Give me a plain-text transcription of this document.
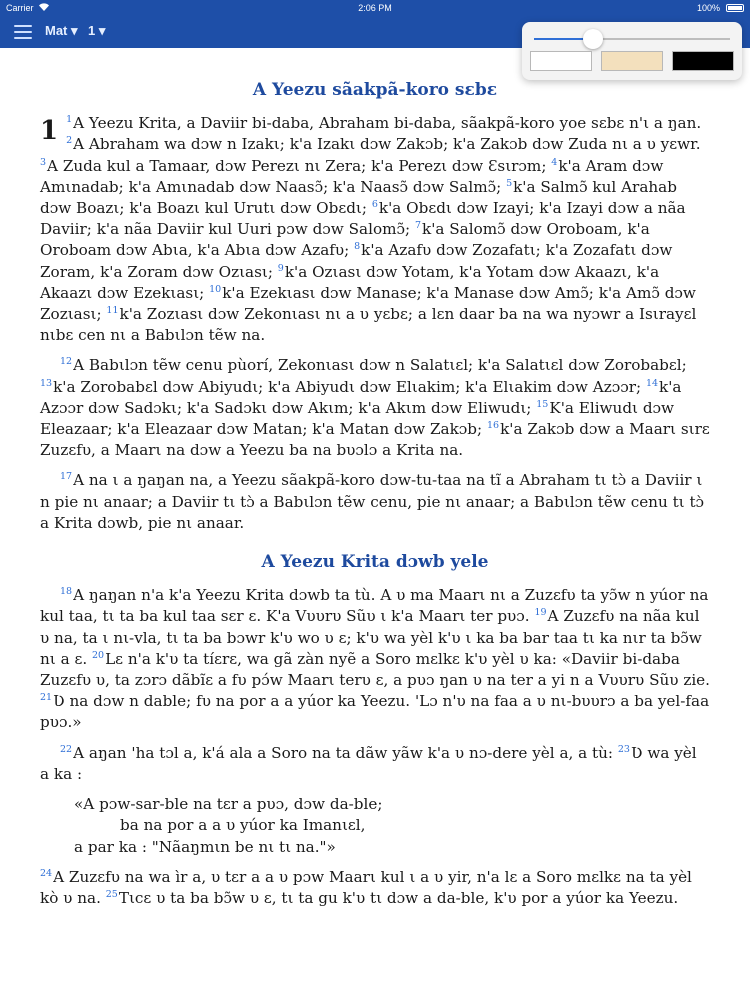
Carrier	2:06 PM	100%
Mat ▾ 1 ▾
A Yeezu sãakpã-koro sɛbɛ

1 $^1$A Yeezu Krita, a Daviir bi-daba, Abraham bi-daba, sãakpã-koro yoe sɛbɛ n'ι a ŋan. $^2$A Abraham wa dɔw n Izakι; k'a Izakι dɔw Zakɔb; k'a Zakɔb dɔw Zuda nι a υ yɛwr. $^3$A Zuda kul a Tamaar, dɔw Perezι nι Zera; k'a Perezι dɔw Ɛsιrɔm; $^4$k'a Aram dɔw Amιnadab; k'a Amιnadab dɔw Naasɔ̃; k'a Naasɔ̃ dɔw Salmɔ̃; $^5$k'a Salmɔ̃ kul Arahab dɔw Boazι; k'a Boazι kul Urutι dɔw Obɛdι; $^6$k'a Obɛdι dɔw Izayi; k'a Izayi dɔw a nãa Daviir; k'a nãa Daviir kul Uuri pɔw dɔw Salomɔ̃; $^7$k'a Salomɔ̃ dɔw Oroboam, k'a Oroboam dɔw Abιa, k'a Abιa dɔw Azafυ; $^8$k'a Azafυ dɔw Zozafatι; k'a Zozafatι dɔw Zoram, k'a Zoram dɔw Ozιasι; $^9$k'a Ozιasι dɔw Yotam, k'a Yotam dɔw Akaazι, k'a Akaazι dɔw Ezekιasι; $^{10}$k'a Ezekιasι dɔw Manase; k'a Manase dɔw Amɔ̃; k'a Amɔ̃ dɔw Zozιasι; $^{11}$k'a Zozιasι dɔw Zekonιasι nι a υ yɛbɛ; a lɛn daar ba na wa nyɔwr a Ιsιrayɛl nιbɛ cen nι a Babιlɔn tẽw na.

$^{12}$A Babιlɔn tẽw cenu pùorí, Zekonιasι dɔw n Salatιɛl; k'a Salatιɛl dɔw Zorobabɛl; $^{13}$k'a Zorobabɛl dɔw Abiyudι; k'a Abiyudι dɔw Elιakim; k'a Elιakim dɔw Azɔɔr; $^{14}$k'a Azɔɔr dɔw Sadɔkι; k'a Sadɔkι dɔw Akιm; k'a Akιm dɔw Eliwudι; $^{15}$K'a Eliwudι dɔw Eleazaar; k'a Eleazaar dɔw Matan; k'a Matan dɔw Zakɔb; $^{16}$k'a Zakɔb dɔw a Maarι sιrɛ Zuzɛfυ, a Maarι na dɔw a Yeezu ba na bυɔlɔ a Krita na.

$^{17}$A na ι a ŋaŋan na, a Yeezu sãakpã-koro dɔw-tu-taa na tĩ a Abraham tι tɔ̀ a Daviir ι n pie nι anaar; a Daviir tι tɔ̀ a Babιlɔn tẽw cenu, pie nι anaar; a Babιlɔn tẽw cenu tι tɔ̀ a Krita dɔwb, pie nι anaar.

A Yeezu Krita dɔwb yele

$^{18}$A ŋaŋan n'a k'a Yeezu Krita dɔwb ta tù. A υ ma Maarι nι a Zuzɛfυ ta yɔ̃w n yúor na kul taa, tι ta ba kul taa sɛr ɛ. K'a Vυυrυ Sũυ ι k'a Maarι ter pυɔ. $^{19}$A Zuzɛfυ na nãa kul υ na, ta ι nι-vla, tι ta ba bɔwr k'υ wo υ ɛ; k'υ wa yèl k'υ ι ka ba bar taa tι ka nιr ta bɔ̃w nι a ɛ. $^{20}$Lɛ n'a k'υ ta tíɛrɛ, wa gã zàn nyẽ a Soro mɛlkɛ k'υ yèl υ ka: «Daviir bi-daba Zuzɛfυ υ, ta zɔrɔ dãbĩɛ a fυ pɔ́w Maarι terυ ɛ, a pυɔ ŋan υ na ter a yi n a Vυυrυ Sũυ zie. $^{21}$Ʋ na dɔw n dable; fυ na por a a yúor ka Yeezu. 'Lɔ n'υ na faa a υ nι-bυυrɔ a ba yel-faa pυɔ.»

$^{22}$A aŋan 'ha tɔl a, k'á ala a Soro na ta dãw yãw k'a υ nɔ-dere yèl a, a tù: $^{23}$Ʋ wa yèl a ka :

«A pɔw-sar-ble na tɛr a pυɔ, dɔw da-ble;
ba na por a a υ yúor ka Ιmanιɛl,
a par ka : "Nãaŋmιn be nι tι na."»

$^{24}$A Zuzɛfυ na wa ìr a, υ tɛr a a υ pɔw Maarι kul ι a υ yir, n'a lɛ a Soro mɛlkɛ na ta yèl kò υ na. $^{25}$Tιcɛ υ ta ba bɔ̃w υ ɛ, tι ta gu k'υ tι dɔw a da-ble, k'υ por a yúor ka Yeezu.
